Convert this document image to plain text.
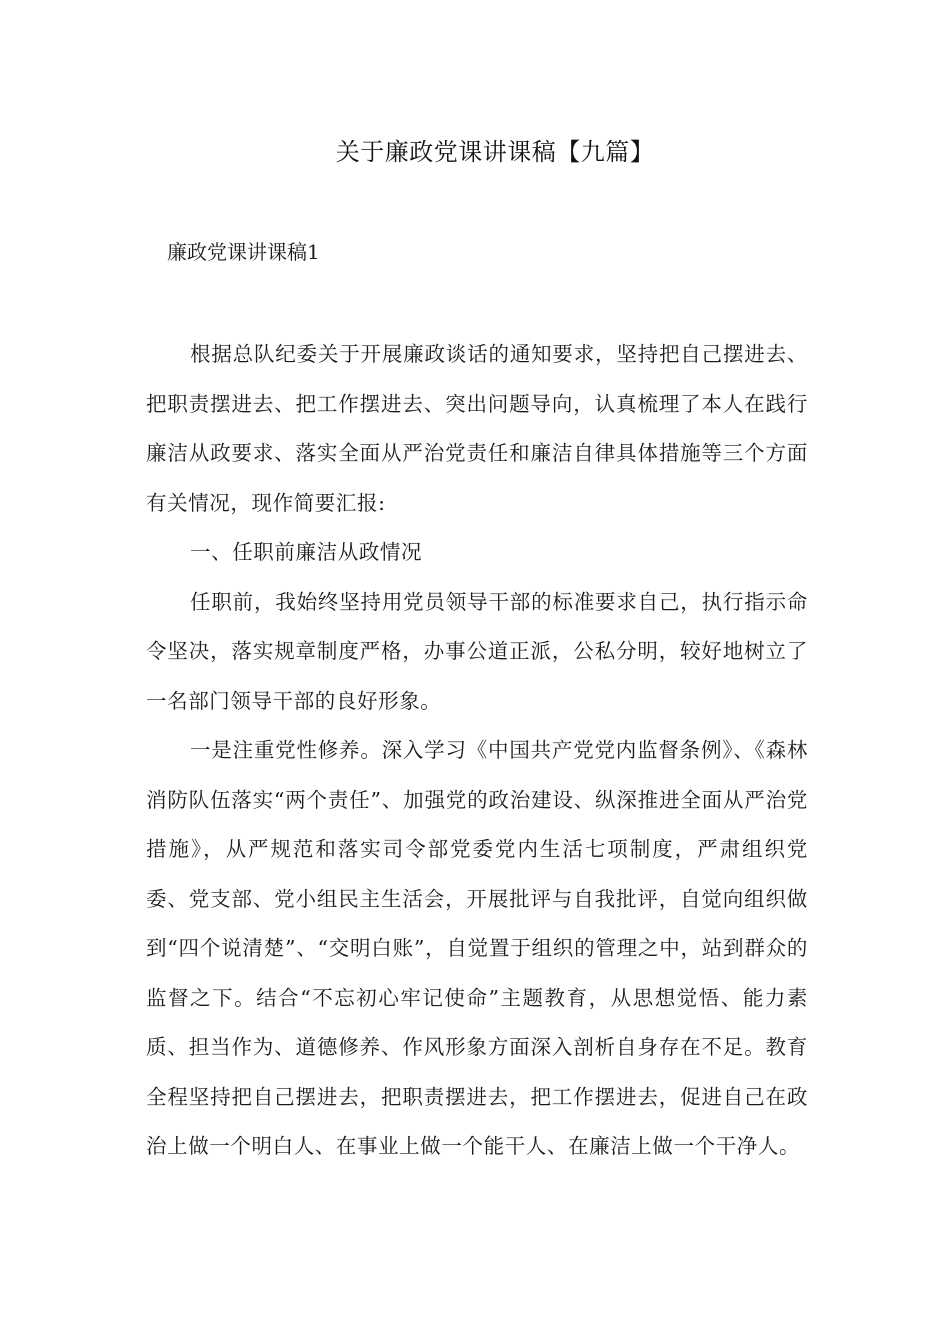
关于廉政党课讲课稿【九篇】
廉政党课讲课稿1

根据总队纪委关于开展廉政谈话的通知要求，坚持把自己摆进去、把职责摆进去、把工作摆进去、突出问题导向，认真梳理了本人在践行廉洁从政要求、落实全面从严治党责任和廉洁自律具体措施等三个方面有关情况，现作简要汇报:

一、任职前廉洁从政情况

任职前，我始终坚持用党员领导干部的标准要求自己，执行指示命令坚决，落实规章制度严格，办事公道正派，公私分明，较好地树立了一名部门领导干部的良好形象。

一是注重党性修养。深入学习《中国共产党党内监督条例》、《森林消防队伍落实“两个责任”、加强党的政治建设、纵深推进全面从严治党措施》，从严规范和落实司令部党委党内生活七项制度，严肃组织党委、党支部、党小组民主生活会，开展批评与自我批评，自觉向组织做到“四个说清楚”、“交明白账”，自觉置于组织的管理之中，站到群众的监督之下。结合“不忘初心牢记使命”主题教育，从思想觉悟、能力素质、担当作为、道德修养、作风形象方面深入剖析自身存在不足。教育全程坚持把自己摆进去，把职责摆进去，把工作摆进去，促进自己在政治上做一个明白人、在事业上做一个能干人、在廉洁上做一个干净人。
